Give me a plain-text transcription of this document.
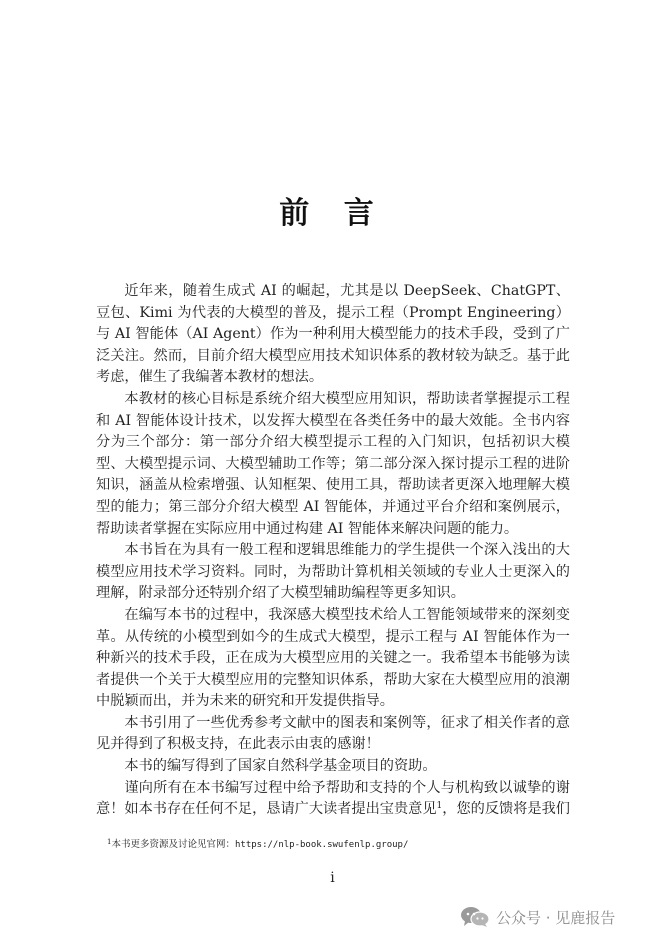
前 言

近年来，随着生成式 AI 的崛起，尤其是以 DeepSeek、ChatGPT、豆包、Kimi 为代表的大模型的普及，提示工程（Prompt Engineering）与 AI 智能体（AI Agent）作为一种利用大模型能力的技术手段，受到了广泛关注。然而，目前介绍大模型应用技术知识体系的教材较为缺乏。基于此考虑，催生了我编著本教材的想法。

本教材的核心目标是系统介绍大模型应用知识，帮助读者掌握提示工程和 AI 智能体设计技术，以发挥大模型在各类任务中的最大效能。全书内容分为三个部分：第一部分介绍大模型提示工程的入门知识，包括初识大模型、大模型提示词、大模型辅助工作等；第二部分深入探讨提示工程的进阶知识，涵盖从检索增强、认知框架、使用工具，帮助读者更深入地理解大模型的能力；第三部分介绍大模型 AI 智能体，并通过平台介绍和案例展示，帮助读者掌握在实际应用中通过构建 AI 智能体来解决问题的能力。

本书旨在为具有一般工程和逻辑思维能力的学生提供一个深入浅出的大模型应用技术学习资料。同时，为帮助计算机相关领域的专业人士更深入的理解，附录部分还特别介绍了大模型辅助编程等更多知识。

在编写本书的过程中，我深感大模型技术给人工智能领域带来的深刻变革。从传统的小模型到如今的生成式大模型，提示工程与 AI 智能体作为一种新兴的技术手段，正在成为大模型应用的关键之一。我希望本书能够为读者提供一个关于大模型应用的完整知识体系，帮助大家在大模型应用的浪潮中脱颖而出，并为未来的研究和开发提供指导。

本书引用了一些优秀参考文献中的图表和案例等，征求了相关作者的意见并得到了积极支持，在此表示由衷的感谢！

本书的编写得到了国家自然科学基金项目的资助。

谨向所有在本书编写过程中给予帮助和支持的个人与机构致以诚挚的谢意！如本书存在任何不足，恳请广大读者提出宝贵意见$^1$，您的反馈将是我们

$^1$本书更多资源及讨论见官网：https://nlp-book.swufenlp.group/
i
公众号 · 见鹿报告
